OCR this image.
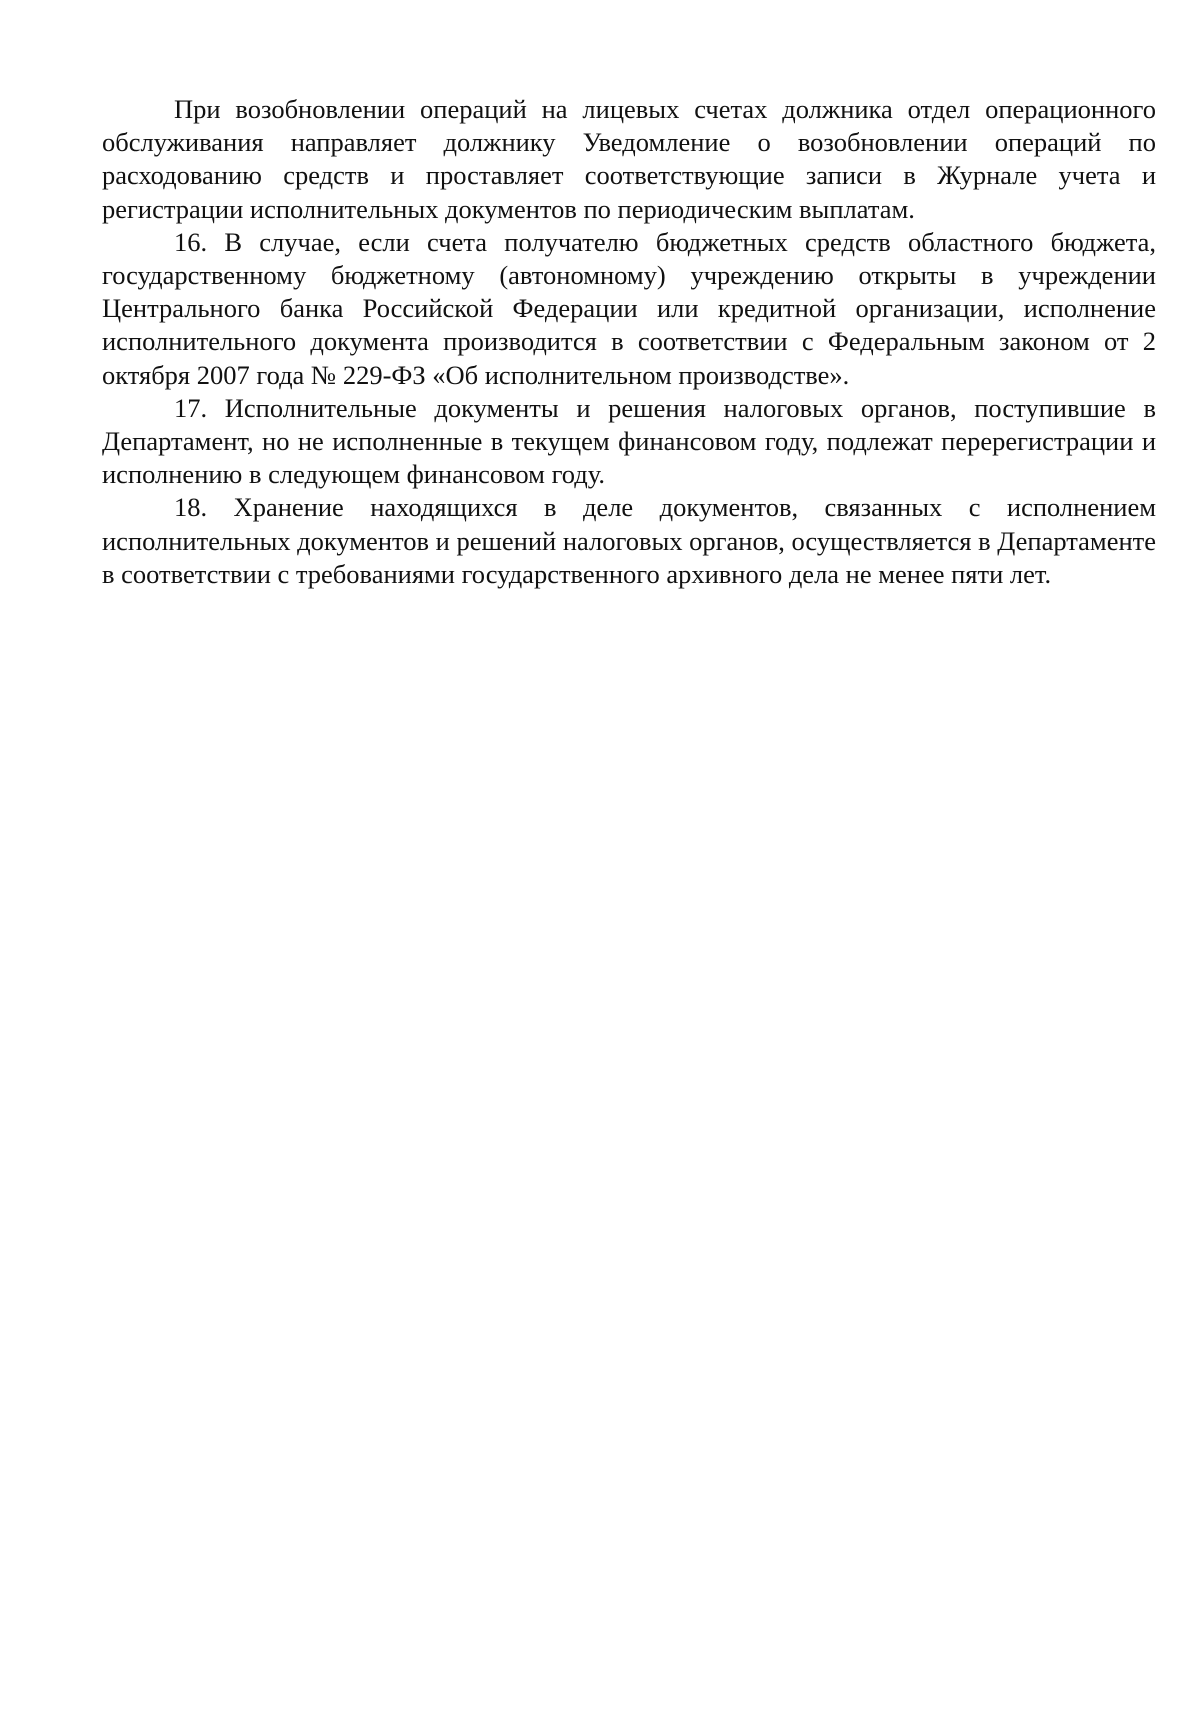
При возобновлении операций на лицевых счетах должника отдел операционного обслуживания направляет должнику Уведомление о возобновлении операций по расходованию средств и проставляет соответствующие записи в Журнале учета и регистрации исполнительных документов по периодическим выплатам.

16. В случае, если счета получателю бюджетных средств областного бюджета, государственному бюджетному (автономному) учреждению открыты в учреждении Центрального банка Российской Федерации или кредитной организации, исполнение исполнительного документа производится в соответствии с Федеральным законом от 2 октября 2007 года № 229-ФЗ «Об исполнительном производстве».

17. Исполнительные документы и решения налоговых органов, поступившие в Департамент, но не исполненные в текущем финансовом году, подлежат перерегистрации и исполнению в следующем финансовом году.

18. Хранение находящихся в деле документов, связанных с исполнением исполнительных документов и решений налоговых органов, осуществляется в Департаменте в соответствии с требованиями государственного архивного дела не менее пяти лет.
